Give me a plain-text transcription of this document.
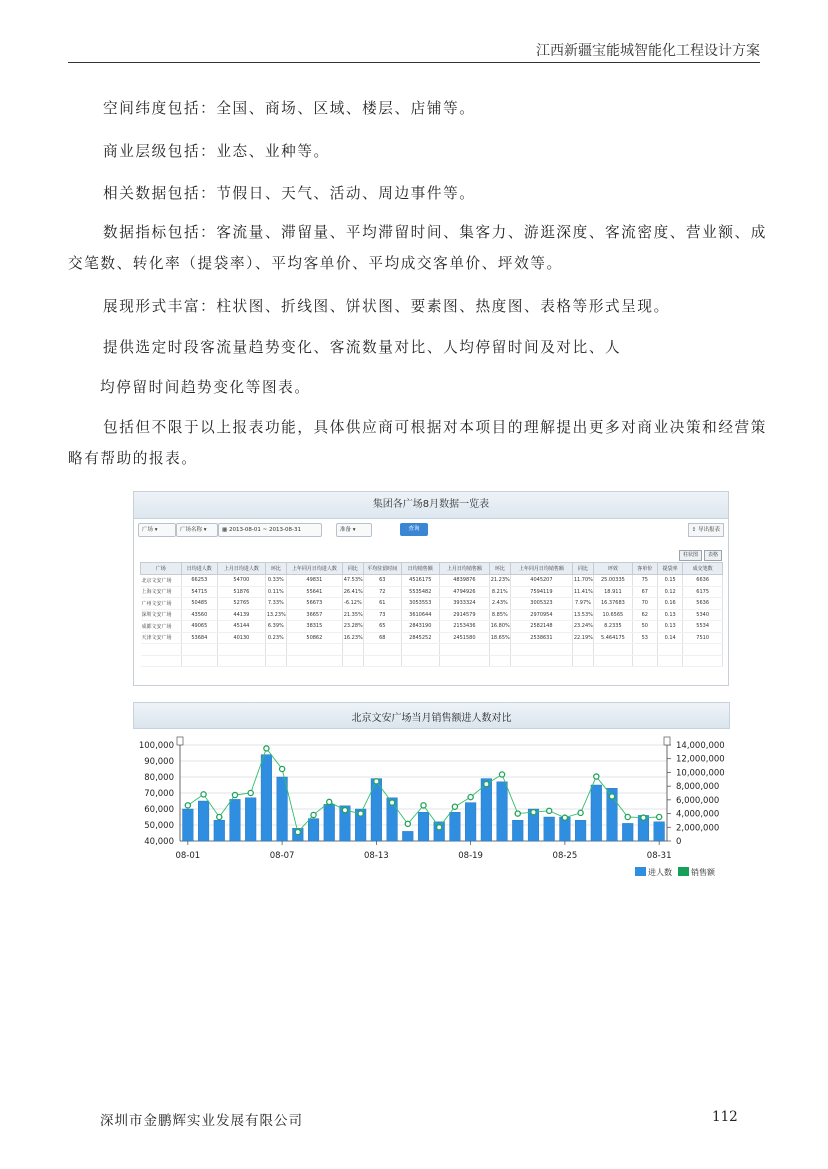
江西新疆宝能城智能化工程设计方案

空间纬度包括：全国、商场、区域、楼层、店铺等。

商业层级包括：业态、业种等。

相关数据包括：节假日、天气、活动、周边事件等。

数据指标包括：客流量、滞留量、平均滞留时间、集客力、游逛深度、客流密度、营业额、成交笔数、转化率（提袋率）、平均客单价、平均成交客单价、坪效等。

展现形式丰富：柱状图、折线图、饼状图、要素图、热度图、表格等形式呈现。

提供选定时段客流量趋势变化、客流数量对比、人均停留时间及对比、人

均停留时间趋势变化等图表。

包括但不限于以上报表功能，具体供应商可根据对本项目的理解提出更多对商业决策和经营策略有帮助的报表。

集团各广场8月数据一览表
广场 ▾	广场名称 ▾	▦ 2013-08-01 ~ 2013-08-31	准备 ▾	查询	⇪ 导出报表
柱状图 表格
广场	日均进人数	上月日均进人数	环比	上年同月日均进人数	同比	平均驻留时间	日均销售额	上月日均销售额	环比	上年同月日均销售额	同比	坪效	客单价	提袋率	成交笔数
北京文安广场	66253	54700	0.33%	49831	47.53%	63	4516175	4839876	21.23%	4045207	11.70%	25.00335	75	0.15	6636
上海文安广场	54715	51876	0.11%	55641	26.41%	72	5535482	4794926	8.21%	7594119	11.41%	18.911	67	0.12	6175
广州文安广场	50485	52765	7.33%	56673	-6.12%	61	3053553	3933324	2.43%	3005323	7.97%	16.37683	70	0.16	5636
深圳文安广场	43560	44139	13.23%	36657	21.35%	73	3610644	2914579	8.85%	2970954	13.53%	10.6565	62	0.13	5340
成都文安广场	49065	45144	6.39%	38315	23.28%	65	2843190	2153436	16.80%	2582148	23.24%	8.2335	50	0.13	5534
天津文安广场	53684	40130	0.23%	50862	16.23%	68	2845252	2451580	18.65%	2538631	22.19%	5.464175	53	0.14	7510

北京文安广场当月销售额进人数对比
40,000
50,000
60,000
70,000
80,000
90,000
100,000
0
2,000,000
4,000,000
6,000,000
8,000,000
10,000,000
12,000,000
14,000,000
08-01	08-07	08-13	08-19	08-25	08-31
进人数 销售额
深圳市金鹏辉实业发展有限公司	112
